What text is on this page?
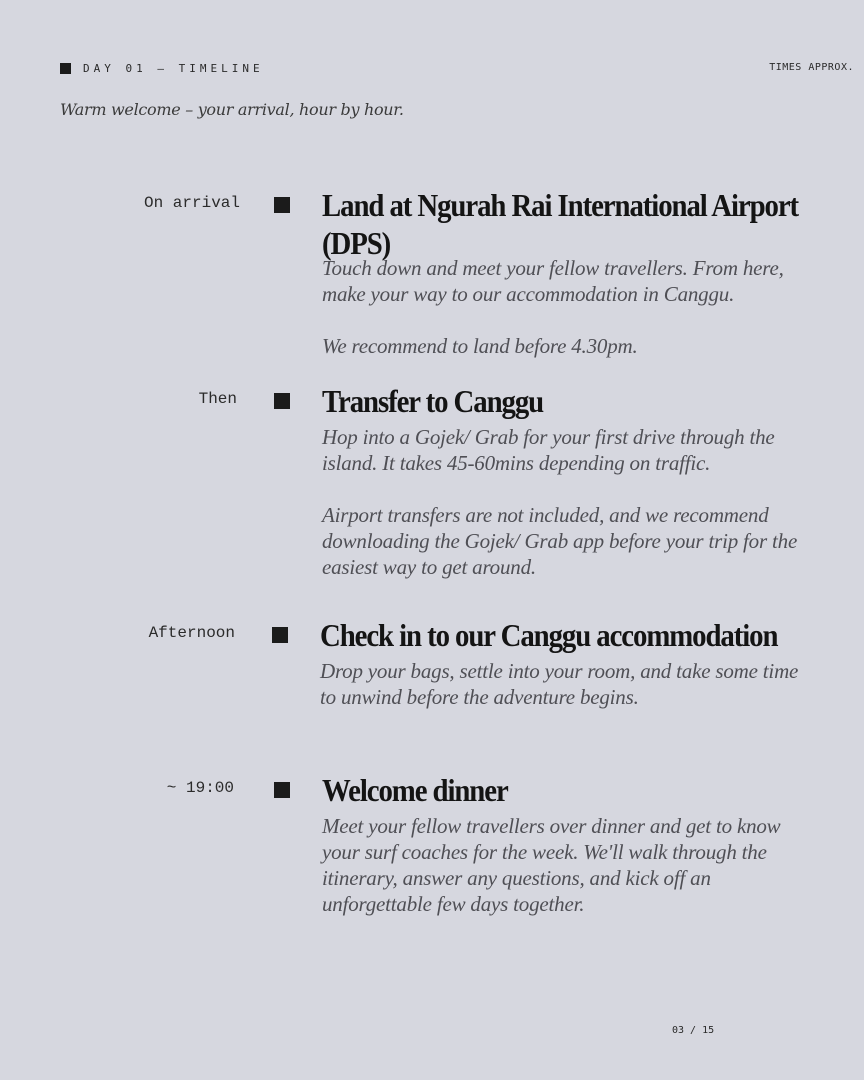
DAY 01 — TIMELINE	TIMES APPROX.
Warm welcome – your arrival, hour by hour.
On arrival	Land at Ngurah Rai International Airport (DPS)

Touch down and meet your fellow travellers. From here, make your way to our accommodation in Canggu.

We recommend to land before 4.30pm.

Then	Transfer to Canggu

Hop into a Gojek/ Grab for your first drive through the island. It takes 45-60mins depending on traffic.

Airport transfers are not included, and we recommend downloading the Gojek/ Grab app before your trip for the easiest way to get around.

Afternoon	Check in to our Canggu accommodation

Drop your bags, settle into your room, and take some time to unwind before the adventure begins.

~ 19:00	Welcome dinner

Meet your fellow travellers over dinner and get to know your surf coaches for the week. We'll walk through the itinerary, answer any questions, and kick off an unforgettable few days together.

03 / 15
